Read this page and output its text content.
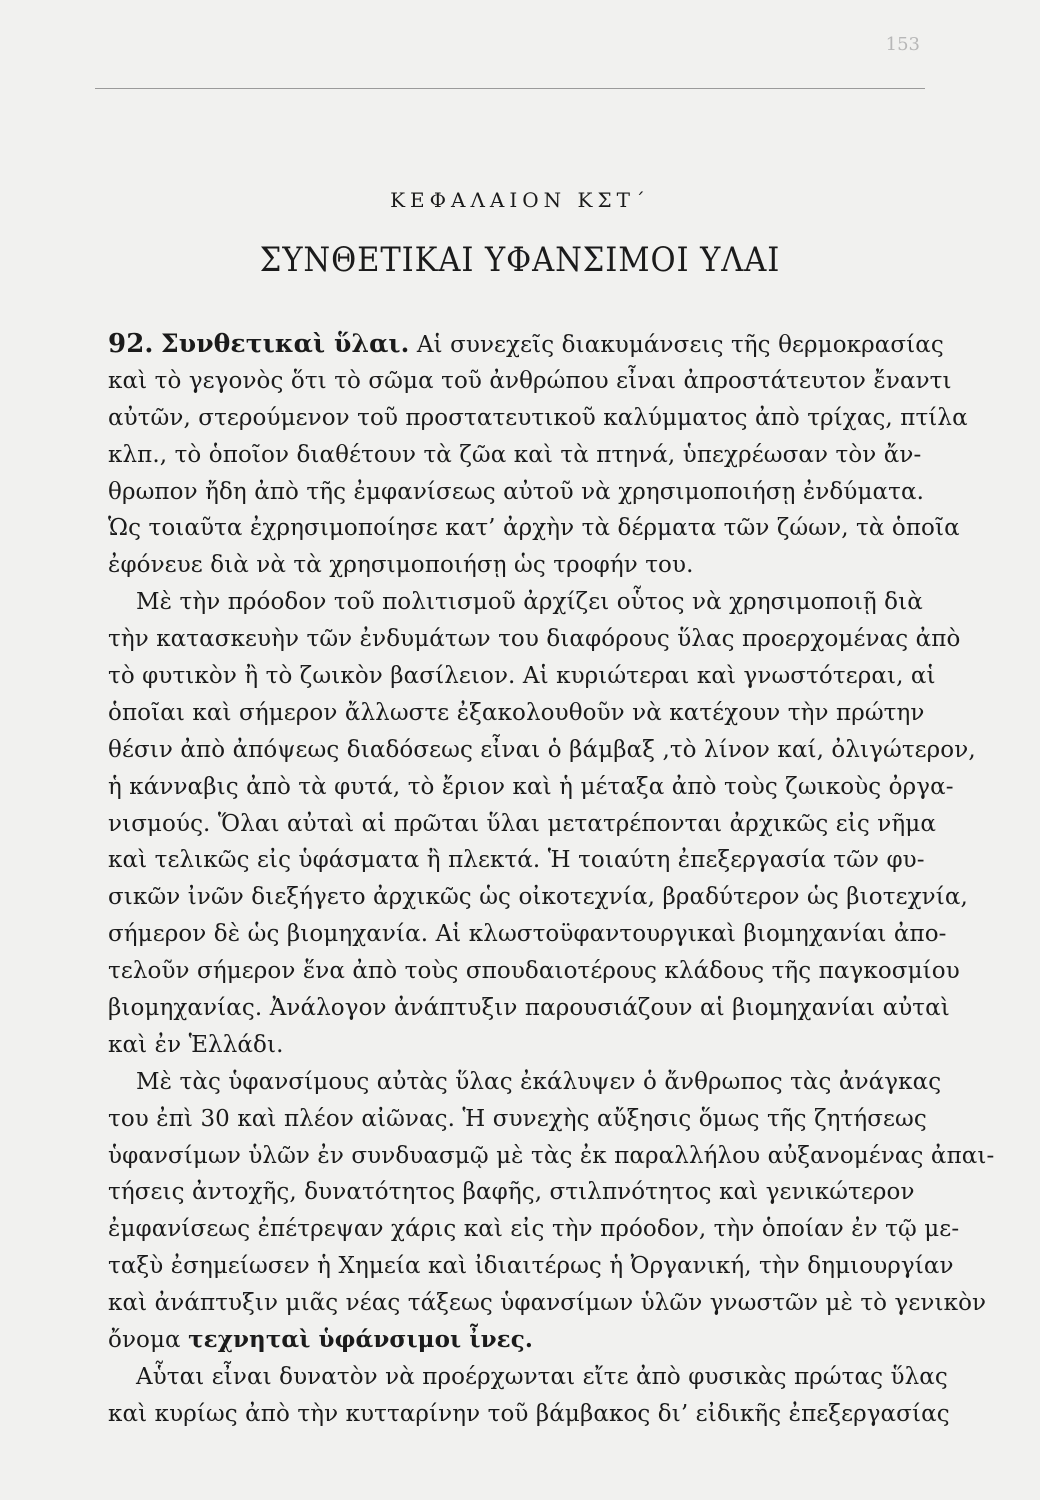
153
ΚΕΦΑΛΑΙΟΝ ΚΣΤ΄
ΣΥΝΘΕΤΙΚΑΙ ΥΦΑΝΣΙΜΟΙ ΥΛΑΙ
92. Συνθετικαὶ ὕλαι. Αἱ συνεχεῖς διακυμάνσεις τῆς θερμοκρασίας
καὶ τὸ γεγονὸς ὅτι τὸ σῶμα τοῦ ἀνθρώπου εἶναι ἀπροστάτευτον ἔναντι
αὐτῶν, στερούμενον τοῦ προστατευτικοῦ καλύμματος ἀπὸ τρίχας, πτίλα
κλπ., τὸ ὁποῖον διαθέτουν τὰ ζῶα καὶ τὰ πτηνά, ὑπεχρέωσαν τὸν ἄν-
θρωπον ἤδη ἀπὸ τῆς ἐμφανίσεως αὐτοῦ νὰ χρησιμοποιήσῃ ἐνδύματα.
Ὡς τοιαῦτα ἐχρησιμοποίησε κατ’ ἀρχὴν τὰ δέρματα τῶν ζώων, τὰ ὁποῖα
ἐφόνευε διὰ νὰ τὰ χρησιμοποιήσῃ ὡς τροφήν του.
Μὲ τὴν πρόοδον τοῦ πολιτισμοῦ ἀρχίζει οὗτος νὰ χρησιμοποιῇ διὰ
τὴν κατασκευὴν τῶν ἐνδυμάτων του διαφόρους ὕλας προερχομένας ἀπὸ
τὸ φυτικὸν ἢ τὸ ζωικὸν βασίλειον. Αἱ κυριώτεραι καὶ γνωστότεραι, αἱ
ὁποῖαι καὶ σήμερον ἄλλωστε ἐξακολουθοῦν νὰ κατέχουν τὴν πρώτην
θέσιν ἀπὸ ἀπόψεως διαδόσεως εἶναι ὁ βάμβαξ ,τὸ λίνον καί, ὀλιγώτερον,
ἡ κάνναβις ἀπὸ τὰ φυτά, τὸ ἔριον καὶ ἡ μέταξα ἀπὸ τοὺς ζωικοὺς ὀργα-
νισμούς. Ὅλαι αὐταὶ αἱ πρῶται ὕλαι μετατρέπονται ἀρχικῶς εἰς νῆμα
καὶ τελικῶς εἰς ὑφάσματα ἢ πλεκτά. Ἡ τοιαύτη ἐπεξεργασία τῶν φυ-
σικῶν ἰνῶν διεξήγετο ἀρχικῶς ὡς οἰκοτεχνία, βραδύτερον ὡς βιοτεχνία,
σήμερον δὲ ὡς βιομηχανία. Αἱ κλωστοϋφαντουργικαὶ βιομηχανίαι ἀπο-
τελοῦν σήμερον ἕνα ἀπὸ τοὺς σπουδαιοτέρους κλάδους τῆς παγκοσμίου
βιομηχανίας. Ἀνάλογον ἀνάπτυξιν παρουσιάζουν αἱ βιομηχανίαι αὐταὶ
καὶ ἐν Ἑλλάδι.
Μὲ τὰς ὑφανσίμους αὐτὰς ὕλας ἐκάλυψεν ὁ ἄνθρωπος τὰς ἀνάγκας
του ἐπὶ 30 καὶ πλέον αἰῶνας. Ἡ συνεχὴς αὔξησις ὅμως τῆς ζητήσεως
ὑφανσίμων ὑλῶν ἐν συνδυασμῷ μὲ τὰς ἐκ παραλλήλου αὐξανομένας ἀπαι-
τήσεις ἀντοχῆς, δυνατότητος βαφῆς, στιλπνότητος καὶ γενικώτερον
ἐμφανίσεως ἐπέτρεψαν χάρις καὶ εἰς τὴν πρόοδον, τὴν ὁποίαν ἐν τῷ με-
ταξὺ ἐσημείωσεν ἡ Χημεία καὶ ἰδιαιτέρως ἡ Ὀργανική, τὴν δημιουργίαν
καὶ ἀνάπτυξιν μιᾶς νέας τάξεως ὑφανσίμων ὑλῶν γνωστῶν μὲ τὸ γενικὸν
ὄνομα τεχνηταὶ ὑφάνσιμοι ἶνες.
Αὗται εἶναι δυνατὸν νὰ προέρχωνται εἴτε ἀπὸ φυσικὰς πρώτας ὕλας
καὶ κυρίως ἀπὸ τὴν κυτταρίνην τοῦ βάμβακος δι’ εἰδικῆς ἐπεξεργασίας
